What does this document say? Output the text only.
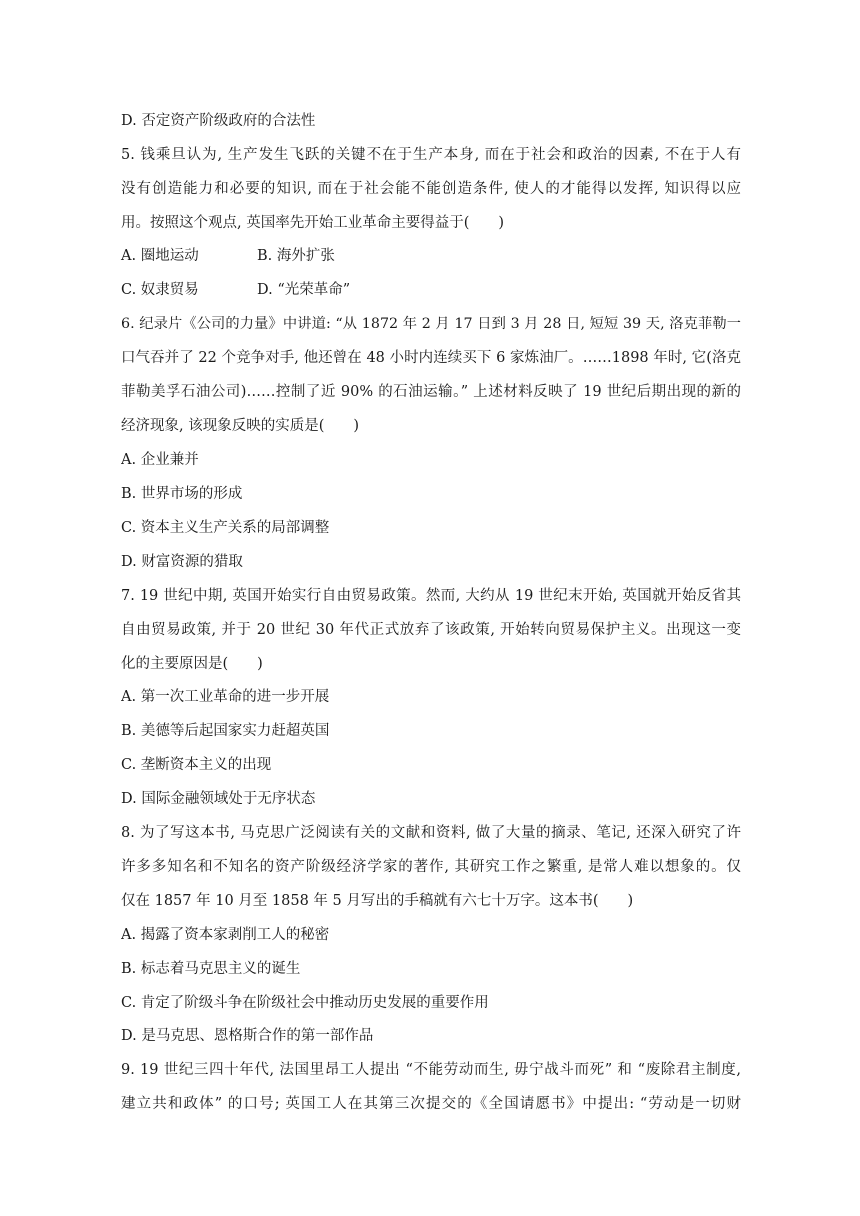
D. 否定资产阶级政府的合法性
5. 钱乘旦认为, 生产发生飞跃的关键不在于生产本身, 而在于社会和政治的因素, 不在于人有
没有创造能力和必要的知识, 而在于社会能不能创造条件, 使人的才能得以发挥, 知识得以应
用。按照这个观点, 英国率先开始工业革命主要得益于(　　)
A. 圈地运动	B. 海外扩张
C. 奴隶贸易	D. “光荣革命”
6. 纪录片《公司的力量》中讲道: “从 1872 年 2 月 17 日到 3 月 28 日, 短短 39 天, 洛克菲勒一
口气吞并了 22 个竞争对手, 他还曾在 48 小时内连续买下 6 家炼油厂。……1898 年时, 它(洛克
菲勒美孚石油公司)……控制了近 90% 的石油运输。” 上述材料反映了 19 世纪后期出现的新的
经济现象, 该现象反映的实质是(　　)
A. 企业兼并
B. 世界市场的形成
C. 资本主义生产关系的局部调整
D. 财富资源的猎取
7. 19 世纪中期, 英国开始实行自由贸易政策。然而, 大约从 19 世纪末开始, 英国就开始反省其
自由贸易政策, 并于 20 世纪 30 年代正式放弃了该政策, 开始转向贸易保护主义。出现这一变
化的主要原因是(　　)
A. 第一次工业革命的进一步开展
B. 美德等后起国家实力赶超英国
C. 垄断资本主义的出现
D. 国际金融领域处于无序状态
8. 为了写这本书, 马克思广泛阅读有关的文献和资料, 做了大量的摘录、笔记, 还深入研究了许
许多多知名和不知名的资产阶级经济学家的著作, 其研究工作之繁重, 是常人难以想象的。仅
仅在 1857 年 10 月至 1858 年 5 月写出的手稿就有六七十万字。这本书(　　)
A. 揭露了资本家剥削工人的秘密
B. 标志着马克思主义的诞生
C. 肯定了阶级斗争在阶级社会中推动历史发展的重要作用
D. 是马克思、恩格斯合作的第一部作品
9. 19 世纪三四十年代, 法国里昂工人提出 “不能劳动而生, 毋宁战斗而死” 和 “废除君主制度,
建立共和政体” 的口号; 英国工人在其第三次提交的《全国请愿书》中提出: “劳动是一切财
